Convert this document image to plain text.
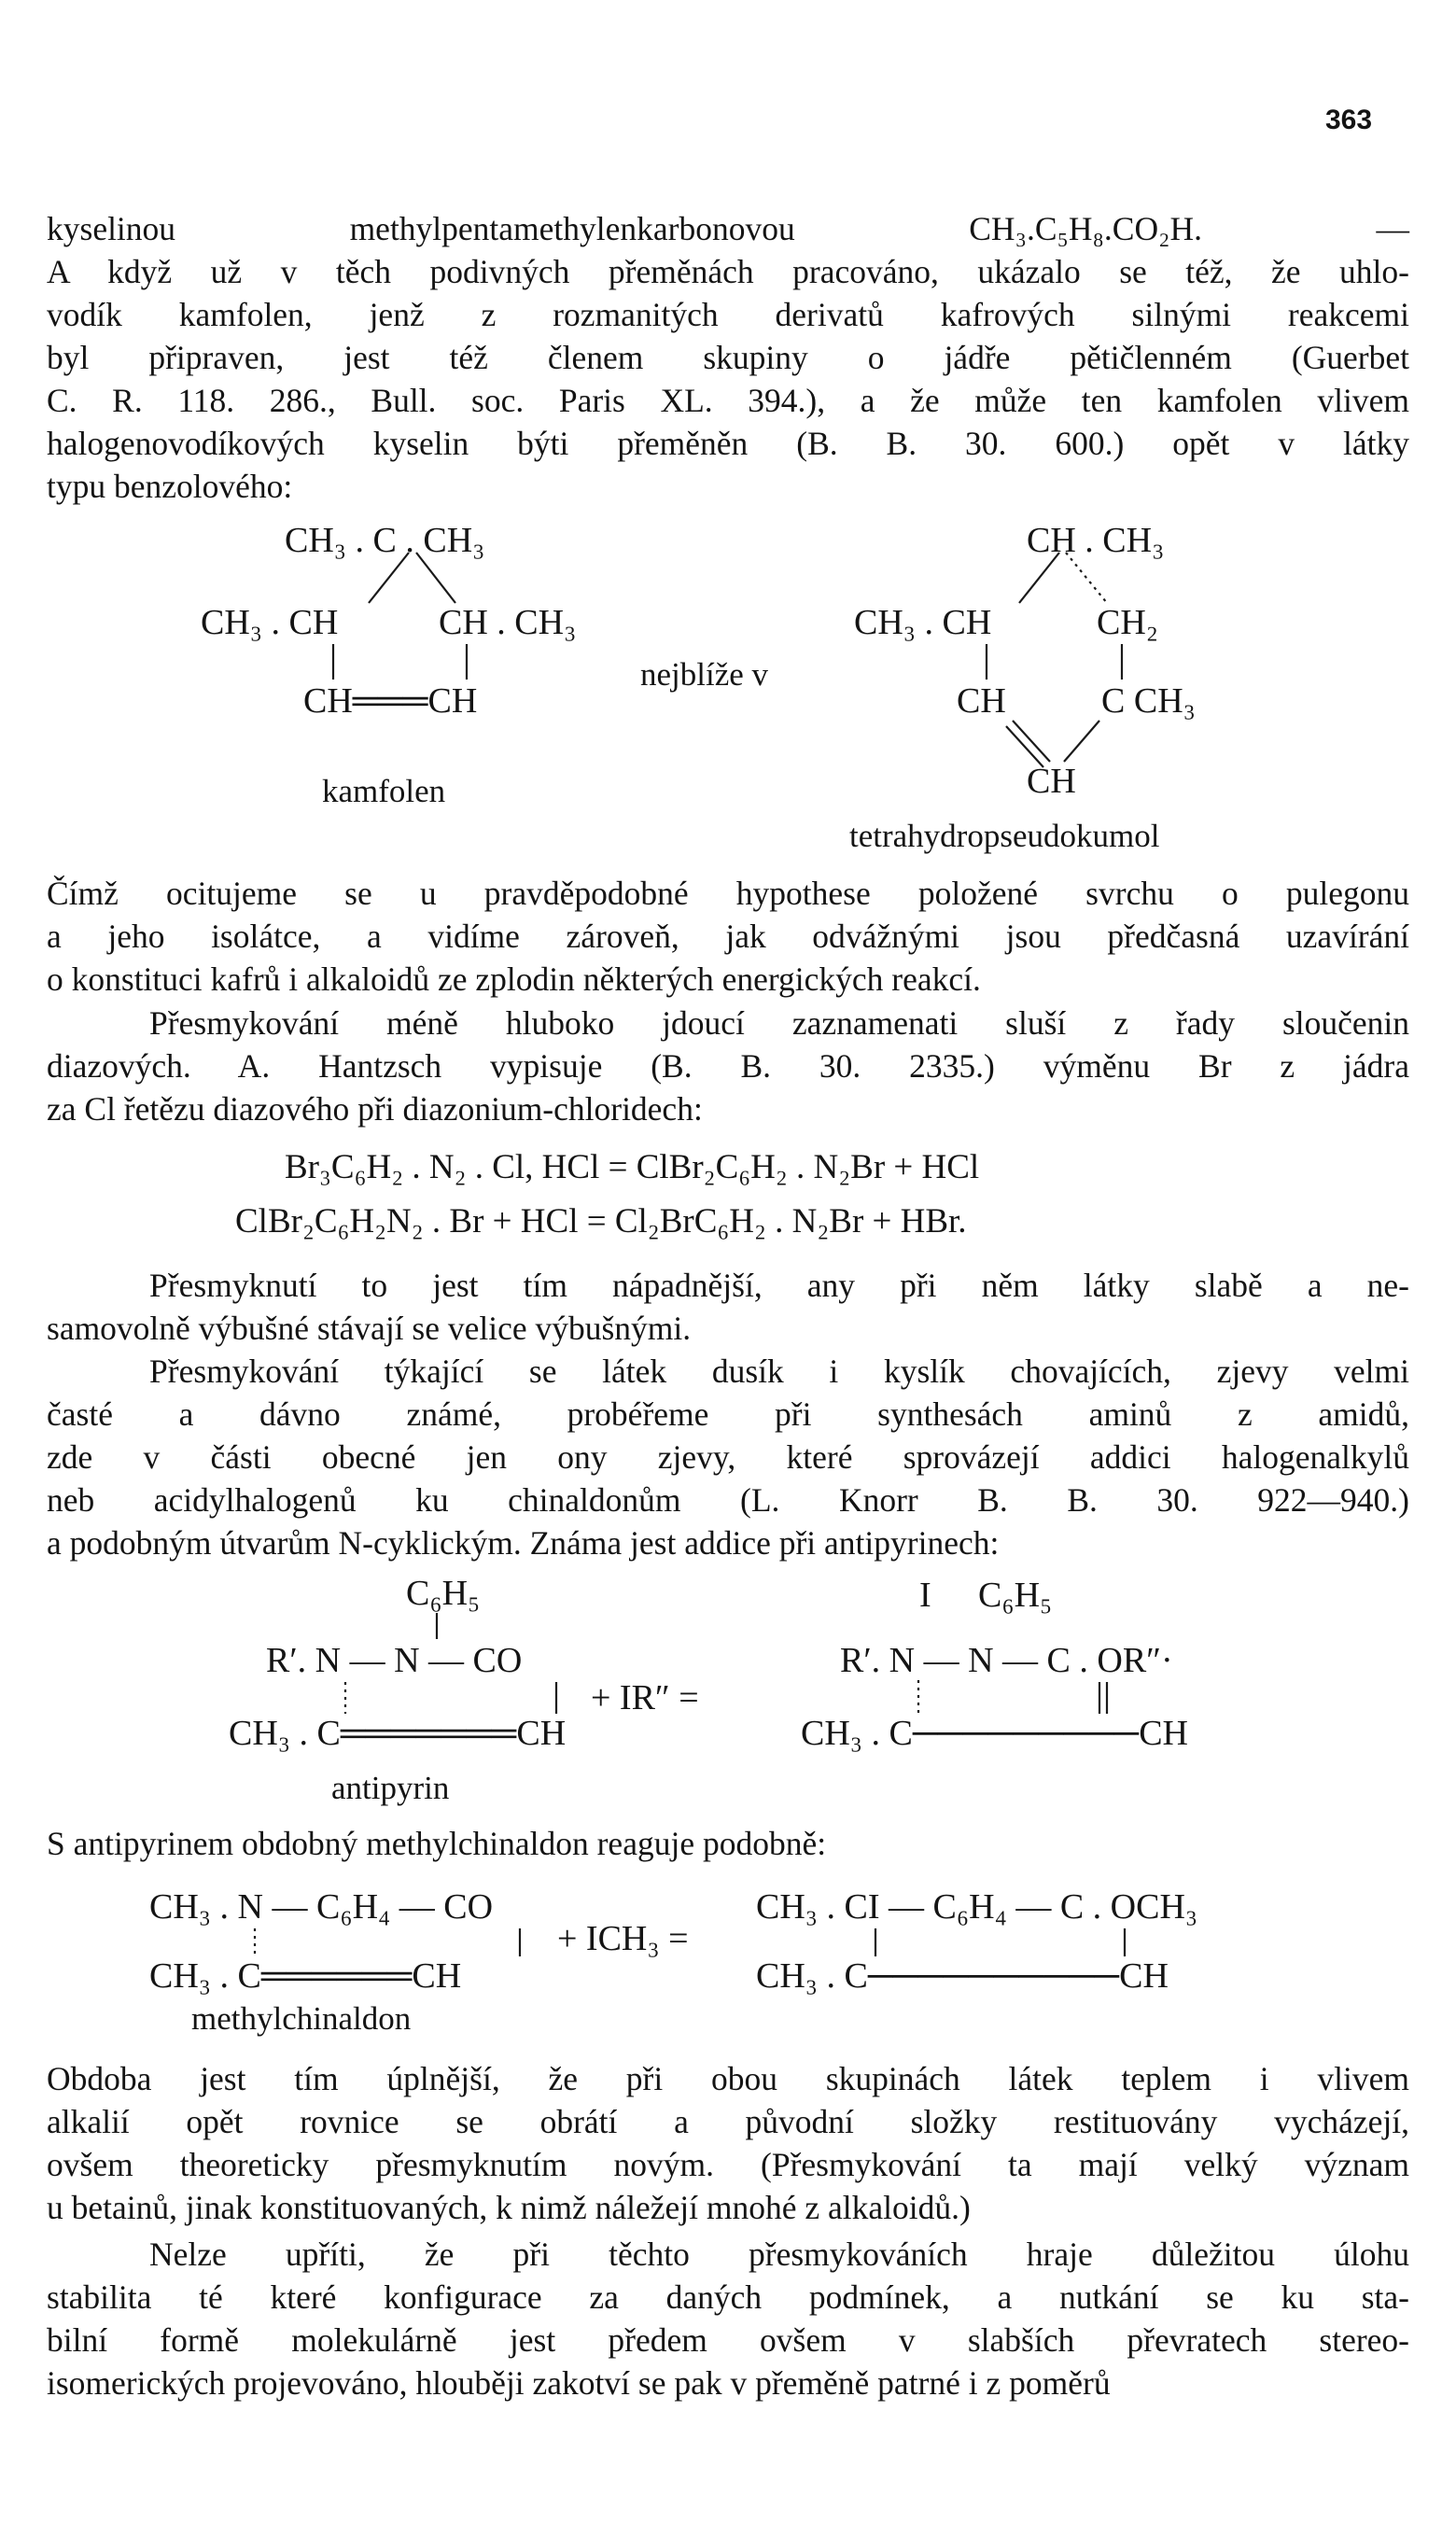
363
kyselinou methylpentamethylenkarbonovou CH₃.C₅H₈.CO₂H. —
A když už v těch podivných přeměnách pracováno, ukázalo se též, že uhlo-
vodík kamfolen, jenž z rozmanitých derivatů kafrových silnými reakcemi
byl připraven, jest též členem skupiny o jádře pětičlenném (Guerbet
C. R. 118. 286., Bull. soc. Paris XL. 394.), a že může ten kamfolen vlivem
halogenovodíkových kyselin býti přeměněn (B. B. 30. 600.) opět v látky
typu benzolového:
CH₃ . C . CH₃
CH₃ . CH	CH . CH₃
CH═══CH
kamfolen
nejblíže v
CH . CH₃
CH₃ . CH	CH₂
CH	C CH₃
CH
tetrahydropseudokumol
Čímž ocitujeme se u pravděpodobné hypothese položené svrchu o pulegonu
a jeho isolátce, a vidíme zároveň, jak odvážnými jsou předčasná uzavírání
o konstituci kafrů i alkaloidů ze zplodin některých energických reakcí.
Přesmykování méně hluboko jdoucí zaznamenati sluší z řady sloučenin
diazových. A. Hantzsch vypisuje (B. B. 30. 2335.) výměnu Br z jádra
za Cl řetězu diazového při diazonium-chloridech:
Br₃C₆H₂ . N₂ . Cl, HCl = ClBr₂C₆H₂ . N₂Br + HCl
ClBr₂C₆H₂N₂ . Br + HCl = Cl₂BrC₆H₂ . N₂Br + HBr.
Přesmyknutí to jest tím nápadnější, any při něm látky slabě a ne-
samovolně výbušné stávají se velice výbušnými.
Přesmykování týkající se látek dusík i kyslík chovajících, zjevy velmi
časté a dávno známé, probéřeme při synthesách aminů z amidů,
zde v části obecné jen ony zjevy, které sprovázejí addici halogenalkylů
neb acidylhalogenů ku chinaldonům (L. Knorr B. B. 30. 922—940.)
a podobným útvarům N-cyklickým. Známa jest addice při antipyrinech:
C₆H₅
R′. N — N — CO
CH₃ . C═══════CH
+ IR″ =
I C₆H₅
R′. N — N — C . OR″·
CH₃ . C─────────CH
antipyrin
S antipyrinem obdobný methylchinaldon reaguje podobně:
CH₃ . N — C₆H₄ — CO
CH₃ . C══════CH
+ ICH₃ =
CH₃ . CI — C₆H₄ — C . OCH₃
CH₃ . C──────────CH
methylchinaldon
Obdoba jest tím úplnější, že při obou skupinách látek teplem i vlivem
alkalií opět rovnice se obrátí a původní složky restituovány vycházejí,
ovšem theoreticky přesmyknutím novým. (Přesmykování ta mají velký význam
u betainů, jinak konstituovaných, k nimž náležejí mnohé z alkaloidů.)
Nelze upříti, že při těchto přesmykováních hraje důležitou úlohu
stabilita té které konfigurace za daných podmínek, a nutkání se ku sta-
bilní formě molekulárně jest předem ovšem v slabších převratech stereo-
isomerických projevováno, hlouběji zakotví se pak v přeměně patrné i z poměrů
